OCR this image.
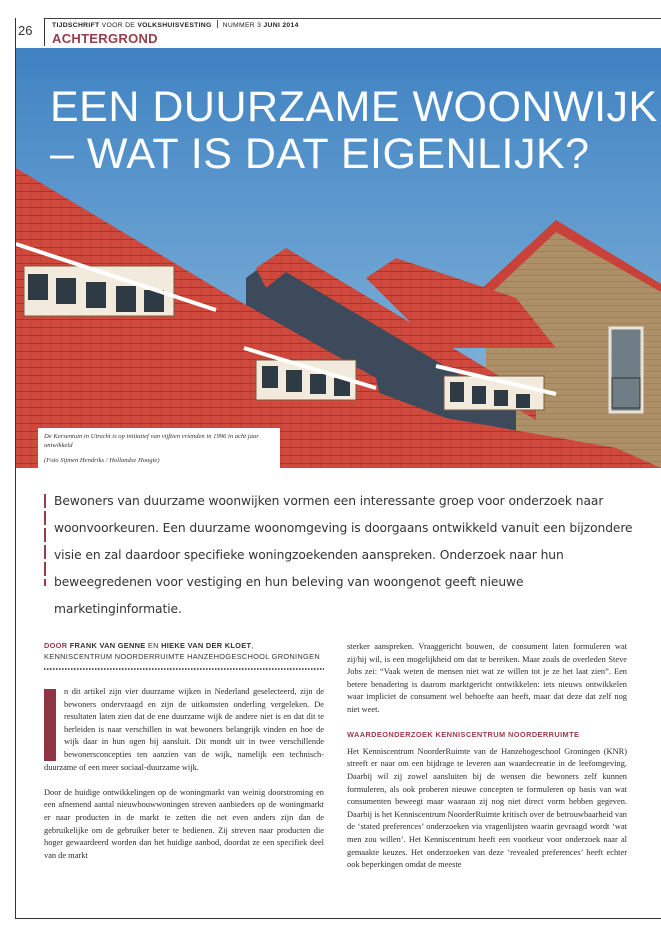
26	TIJDSCHRIFT VOOR DE VOLKSHUISVESTING NUMMER 3 JUNI 2014
ACHTERGROND
EEN DUURZAME WOONWIJK
– WAT IS DAT EIGENLIJK?

De Kersentuin in Utrecht is op initiatief van vijftien vrienden in 1996 in acht jaar ontwikkeld

(Foto Sijmen Hendriks / Hollandse Hoogte)

Bewoners van duurzame woonwijken vormen een interessante groep voor onderzoek naar woonvoorkeuren. Een duurzame woonomgeving is doorgaans ontwikkeld vanuit een bijzondere visie en zal daardoor specifieke woningzoekenden aanspreken. Onderzoek naar hun beweegredenen voor vestiging en hun beleving van woongenot geeft nieuwe marketinginformatie.

DOOR FRANK VAN GENNE EN HIEKE VAN DER KLOET, KENNISCENTRUM NOORDERRUIMTE HANZEHOGESCHOOL GRONINGEN

n dit artikel zijn vier duurzame wijken in Nederland geselecteerd, zijn de bewoners ondervraagd en zijn de uitkomsten onderling vergeleken. De resultaten laten zien dat de ene duurzame wijk de andere niet is en dat dit te herleiden is naar verschillen in wat bewoners belangrijk vinden en hoe de wijk daar in hun ogen bij aansluit. Dit mondt uit in twee verschillende bewonersconcepties ten aanzien van de wijk, namelijk een technisch-duurzame of een meer sociaal-duurzame wijk.

Door de huidige ontwikkelingen op de woningmarkt van weinig doorstroming en een afnemend aantal nieuwbouwwoningen streven aanbieders op de woningmarkt er naar producten in de markt te zetten die net even anders zijn dan de gebruikelijke om de gebruiker beter te bedienen. Zij streven naar producten die hoger gewaardeerd worden dan het huidige aanbod, doordat ze een specifiek deel van de markt

sterker aanspreken. Vraaggericht bouwen, de consument laten formuleren wat zij/hij wil, is een mogelijkheid om dat te bereiken. Maar zoals de overleden Steve Jobs zei: “Vaak weten de mensen niet wat ze willen tot je ze het laat zien”. Een betere benadering is daarom marktgericht ontwikkelen: iets nieuws ontwikkelen waar impliciet de consument wel behoefte aan heeft, maar dat deze dat zelf nog niet weet.

WAARDEONDERZOEK KENNISCENTRUM NOORDERRUIMTE

Het Kenniscentrum NoorderRuimte van de Hanzehogeschool Groningen (KNR) streeft er naar om een bijdrage te leveren aan waardecreatie in de leefomgeving. Daarbij wil zij zowel aansluiten bij de wensen die bewoners zelf kunnen formuleren, als ook proberen nieuwe concepten te formuleren op basis van wat consumenten beweegt maar waaraan zij nog niet direct vorm hebben gegeven. Daarbij is het Kenniscentrum NoorderRuimte kritisch over de betrouwbaarheid van de ‘stated preferences’ onderzoeken via vragenlijsten waarin gevraagd wordt ‘wat men zou willen’. Het Kenniscentrum heeft een voorkeur voor onderzoek naar al gemaakte keuzes. Het onderzoeken van deze ‘revealed preferences’ heeft echter ook beperkingen omdat de meeste
